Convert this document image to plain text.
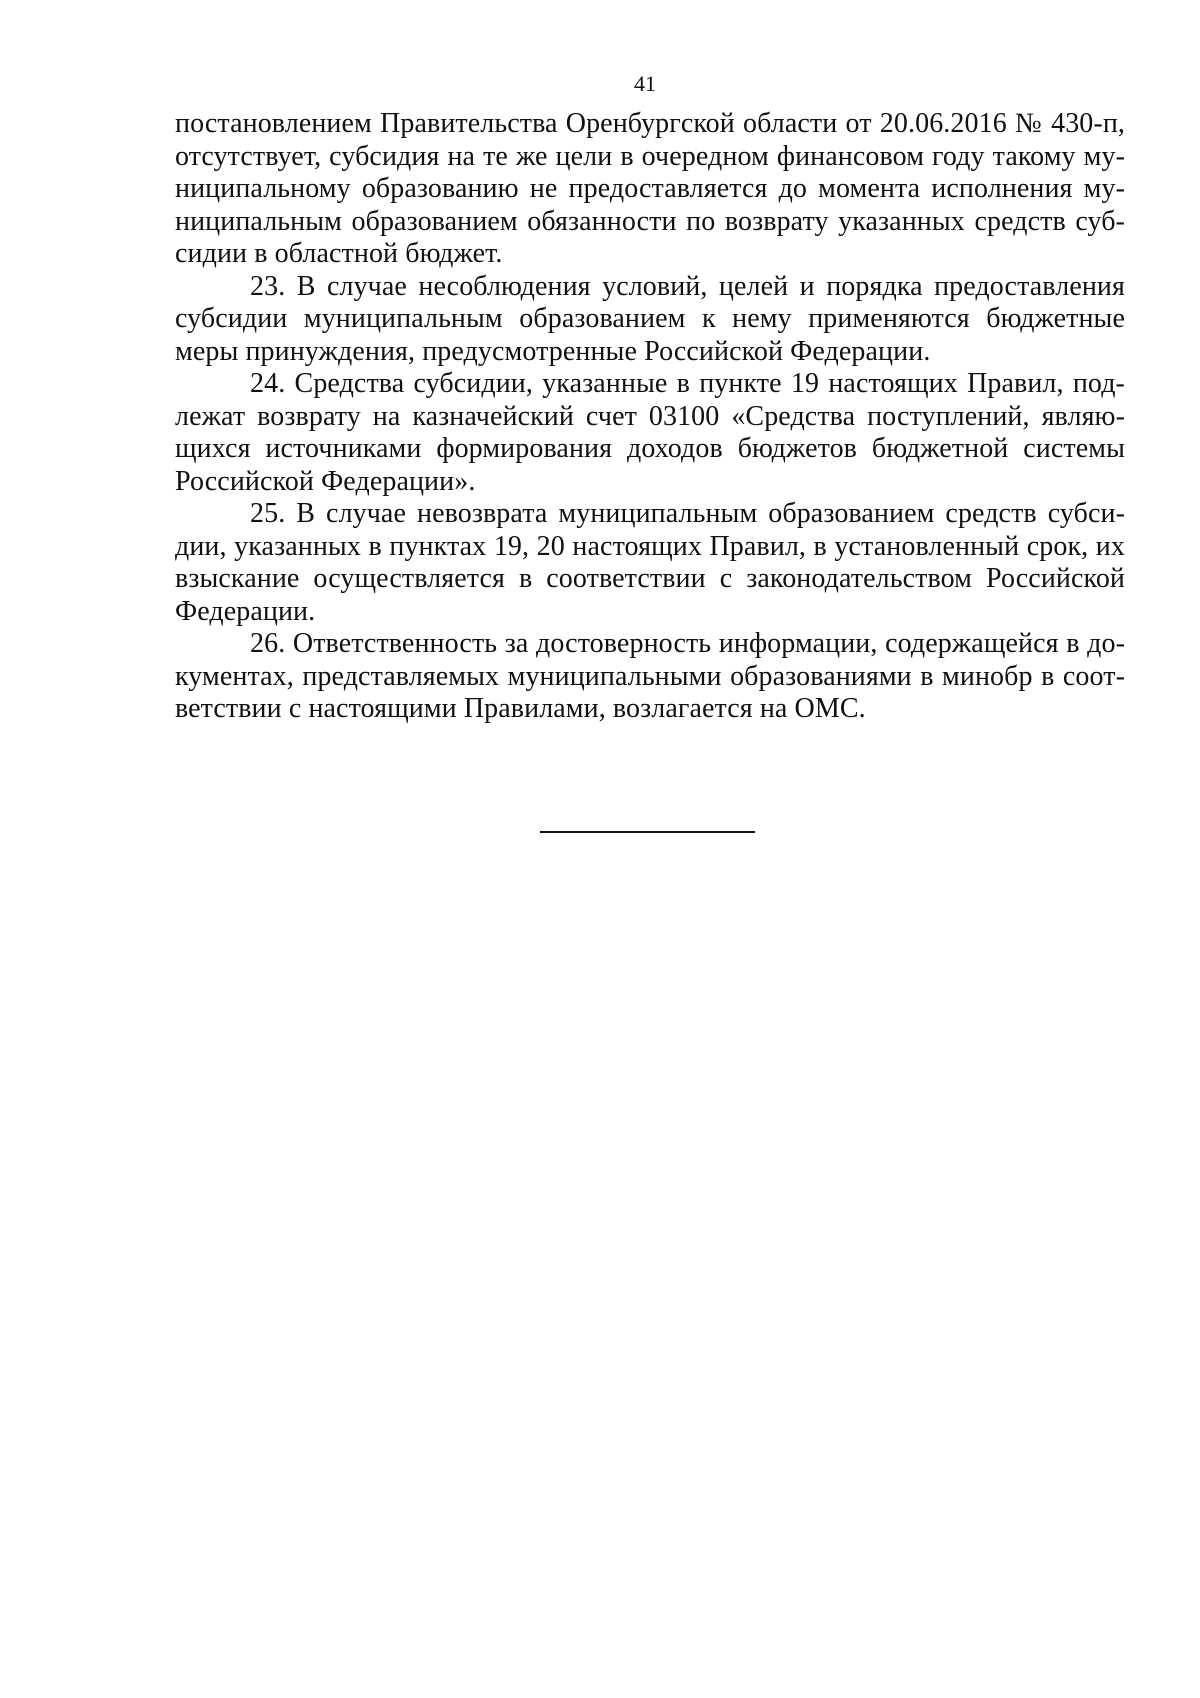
41
постановлением Правительства Оренбургской области от 20.06.2016 № 430-п,
отсутствует, субсидия на те же цели в очередном финансовом году такому му-
ниципальному образованию не предоставляется до момента исполнения му-
ниципальным образованием обязанности по возврату указанных средств суб-
сидии в областной бюджет.
23. В случае несоблюдения условий, целей и порядка предоставления
субсидии муниципальным образованием к нему применяются бюджетные
меры принуждения, предусмотренные Российской Федерации.
24. Средства субсидии, указанные в пункте 19 настоящих Правил, под-
лежат возврату на казначейский счет 03100 «Средства поступлений, являю-
щихся источниками формирования доходов бюджетов бюджетной системы
Российской Федерации».
25. В случае невозврата муниципальным образованием средств субси-
дии, указанных в пунктах 19, 20 настоящих Правил, в установленный срок, их
взыскание осуществляется в соответствии с законодательством Российской
Федерации.
26. Ответственность за достоверность информации, содержащейся в до-
кументах, представляемых муниципальными образованиями в минобр в соот-
ветствии с настоящими Правилами, возлагается на ОМС.
